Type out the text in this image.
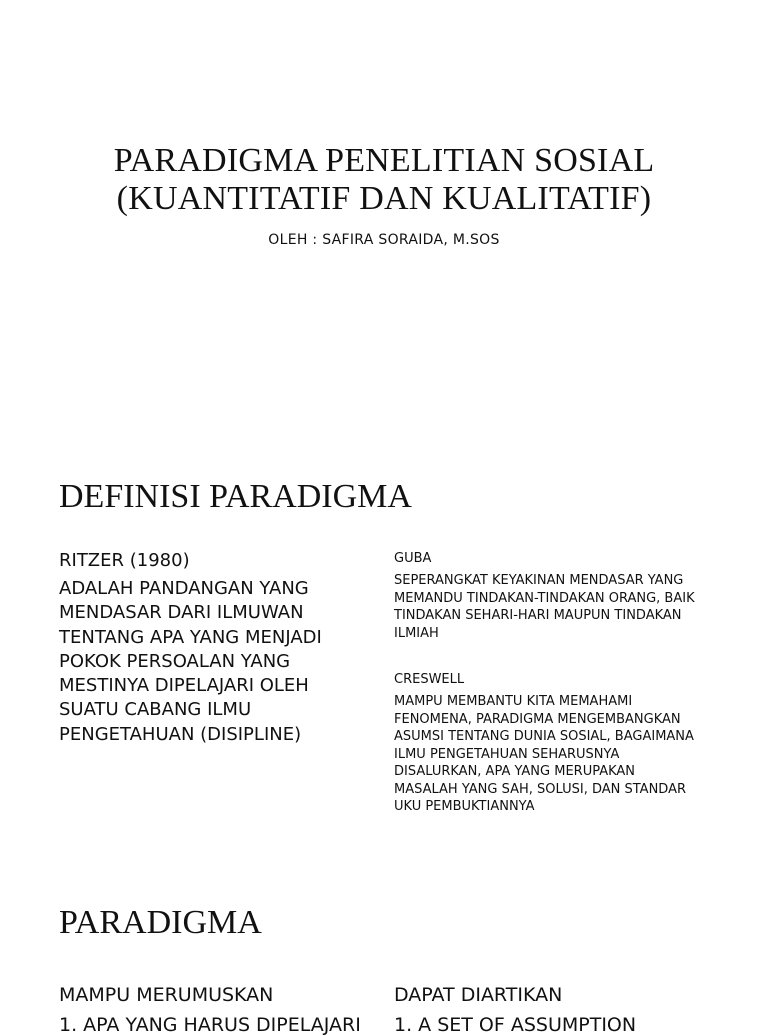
PARADIGMA PENELITIAN SOSIAL
(KUANTITATIF DAN KUALITATIF)
OLEH : SAFIRA SORAIDA, M.SOS
DEFINISI PARADIGMA
RITZER (1980)
ADALAH PANDANGAN YANG
MENDASAR DARI ILMUWAN
TENTANG APA YANG MENJADI
POKOK PERSOALAN YANG
MESTINYA DIPELAJARI OLEH
SUATU CABANG ILMU
PENGETAHUAN (DISIPLINE)
GUBA
SEPERANGKAT KEYAKINAN MENDASAR YANG
MEMANDU TINDAKAN-TINDAKAN ORANG, BAIK
TINDAKAN SEHARI-HARI MAUPUN TINDAKAN
ILMIAH
CRESWELL
MAMPU MEMBANTU KITA MEMAHAMI
FENOMENA, PARADIGMA MENGEMBANGKAN
ASUMSI TENTANG DUNIA SOSIAL, BAGAIMANA
ILMU PENGETAHUAN SEHARUSNYA
DISALURKAN, APA YANG MERUPAKAN
MASALAH YANG SAH, SOLUSI, DAN STANDAR
UKU PEMBUKTIANNYA
PARADIGMA
MAMPU MERUMUSKAN
1. APA YANG HARUS DIPELAJARI
DAPAT DIARTIKAN
1. A SET OF ASSUMPTION
